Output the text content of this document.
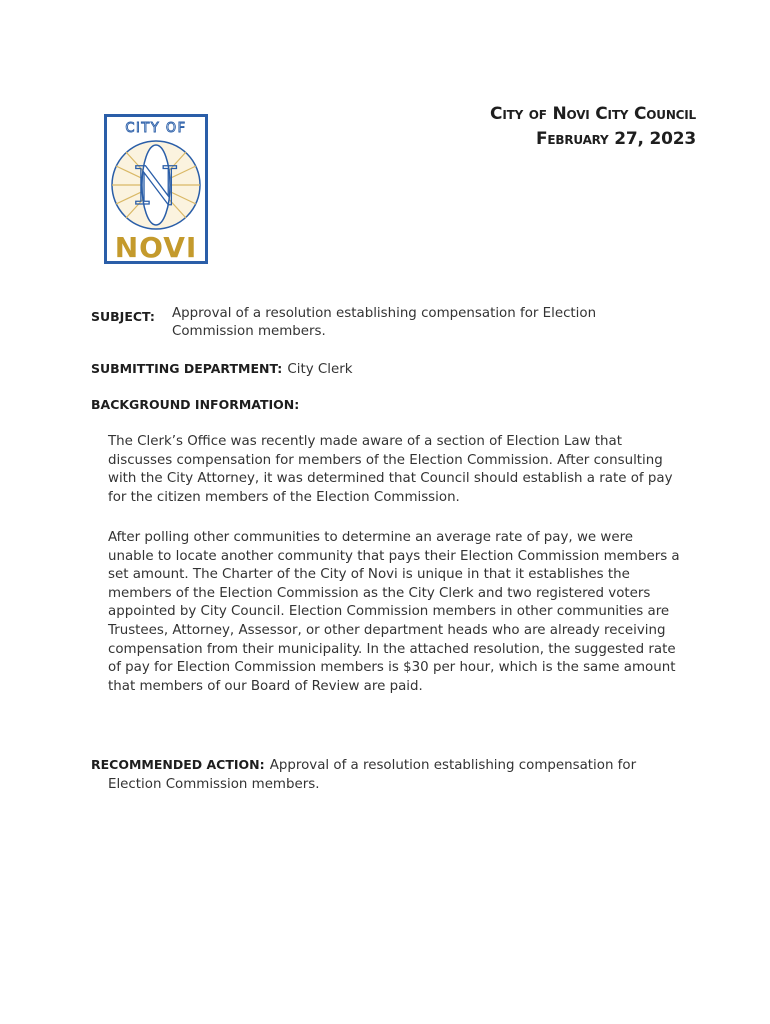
CITY OF
N
NOVI
City of Novi City Council
February 27, 2023
SUBJECT: Approval of a resolution establishing compensation for Election
Commission members.
SUBMITTING DEPARTMENT: City Clerk
BACKGROUND INFORMATION:
The Clerk’s Office was recently made aware of a section of Election Law that
discusses compensation for members of the Election Commission. After consulting
with the City Attorney, it was determined that Council should establish a rate of pay
for the citizen members of the Election Commission.
After polling other communities to determine an average rate of pay, we were
unable to locate another community that pays their Election Commission members a
set amount. The Charter of the City of Novi is unique in that it establishes the
members of the Election Commission as the City Clerk and two registered voters
appointed by City Council. Election Commission members in other communities are
Trustees, Attorney, Assessor, or other department heads who are already receiving
compensation from their municipality. In the attached resolution, the suggested rate
of pay for Election Commission members is $30 per hour, which is the same amount
that members of our Board of Review are paid.
RECOMMENDED ACTION: Approval of a resolution establishing compensation for
Election Commission members.
